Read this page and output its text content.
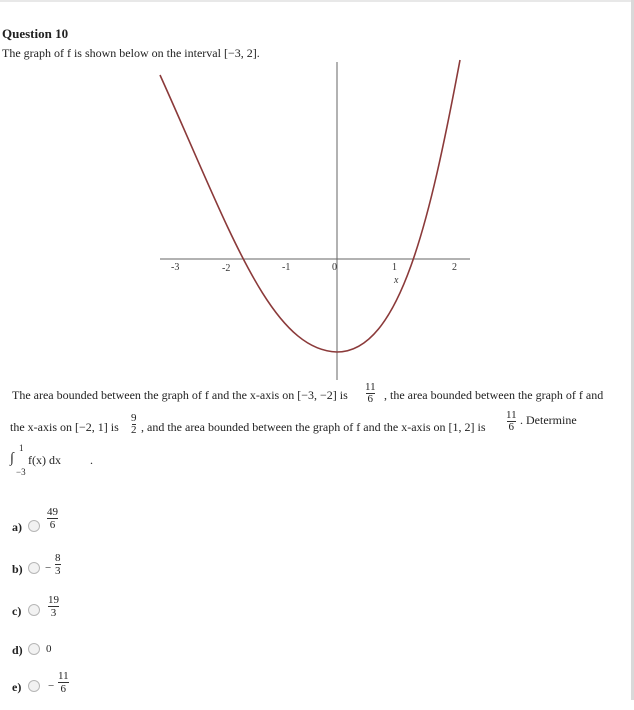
Question 10
The graph of f is shown below on the interval [−3, 2].
-3	-2	-1	0	1	2
x
The area bounded between the graph of f and the x-axis on [−3, −2] is
11
6 , the area bounded between the graph of f and
the x-axis on [−2, 1] is
9
2 , and the area bounded between the graph of f and the x-axis on [1, 2] is
11
6 . Determine
∫
1
−3
f(x) dx .
a)
49
6
b) −
8
3
c)
19
3
d) 0
e) −
11
6
